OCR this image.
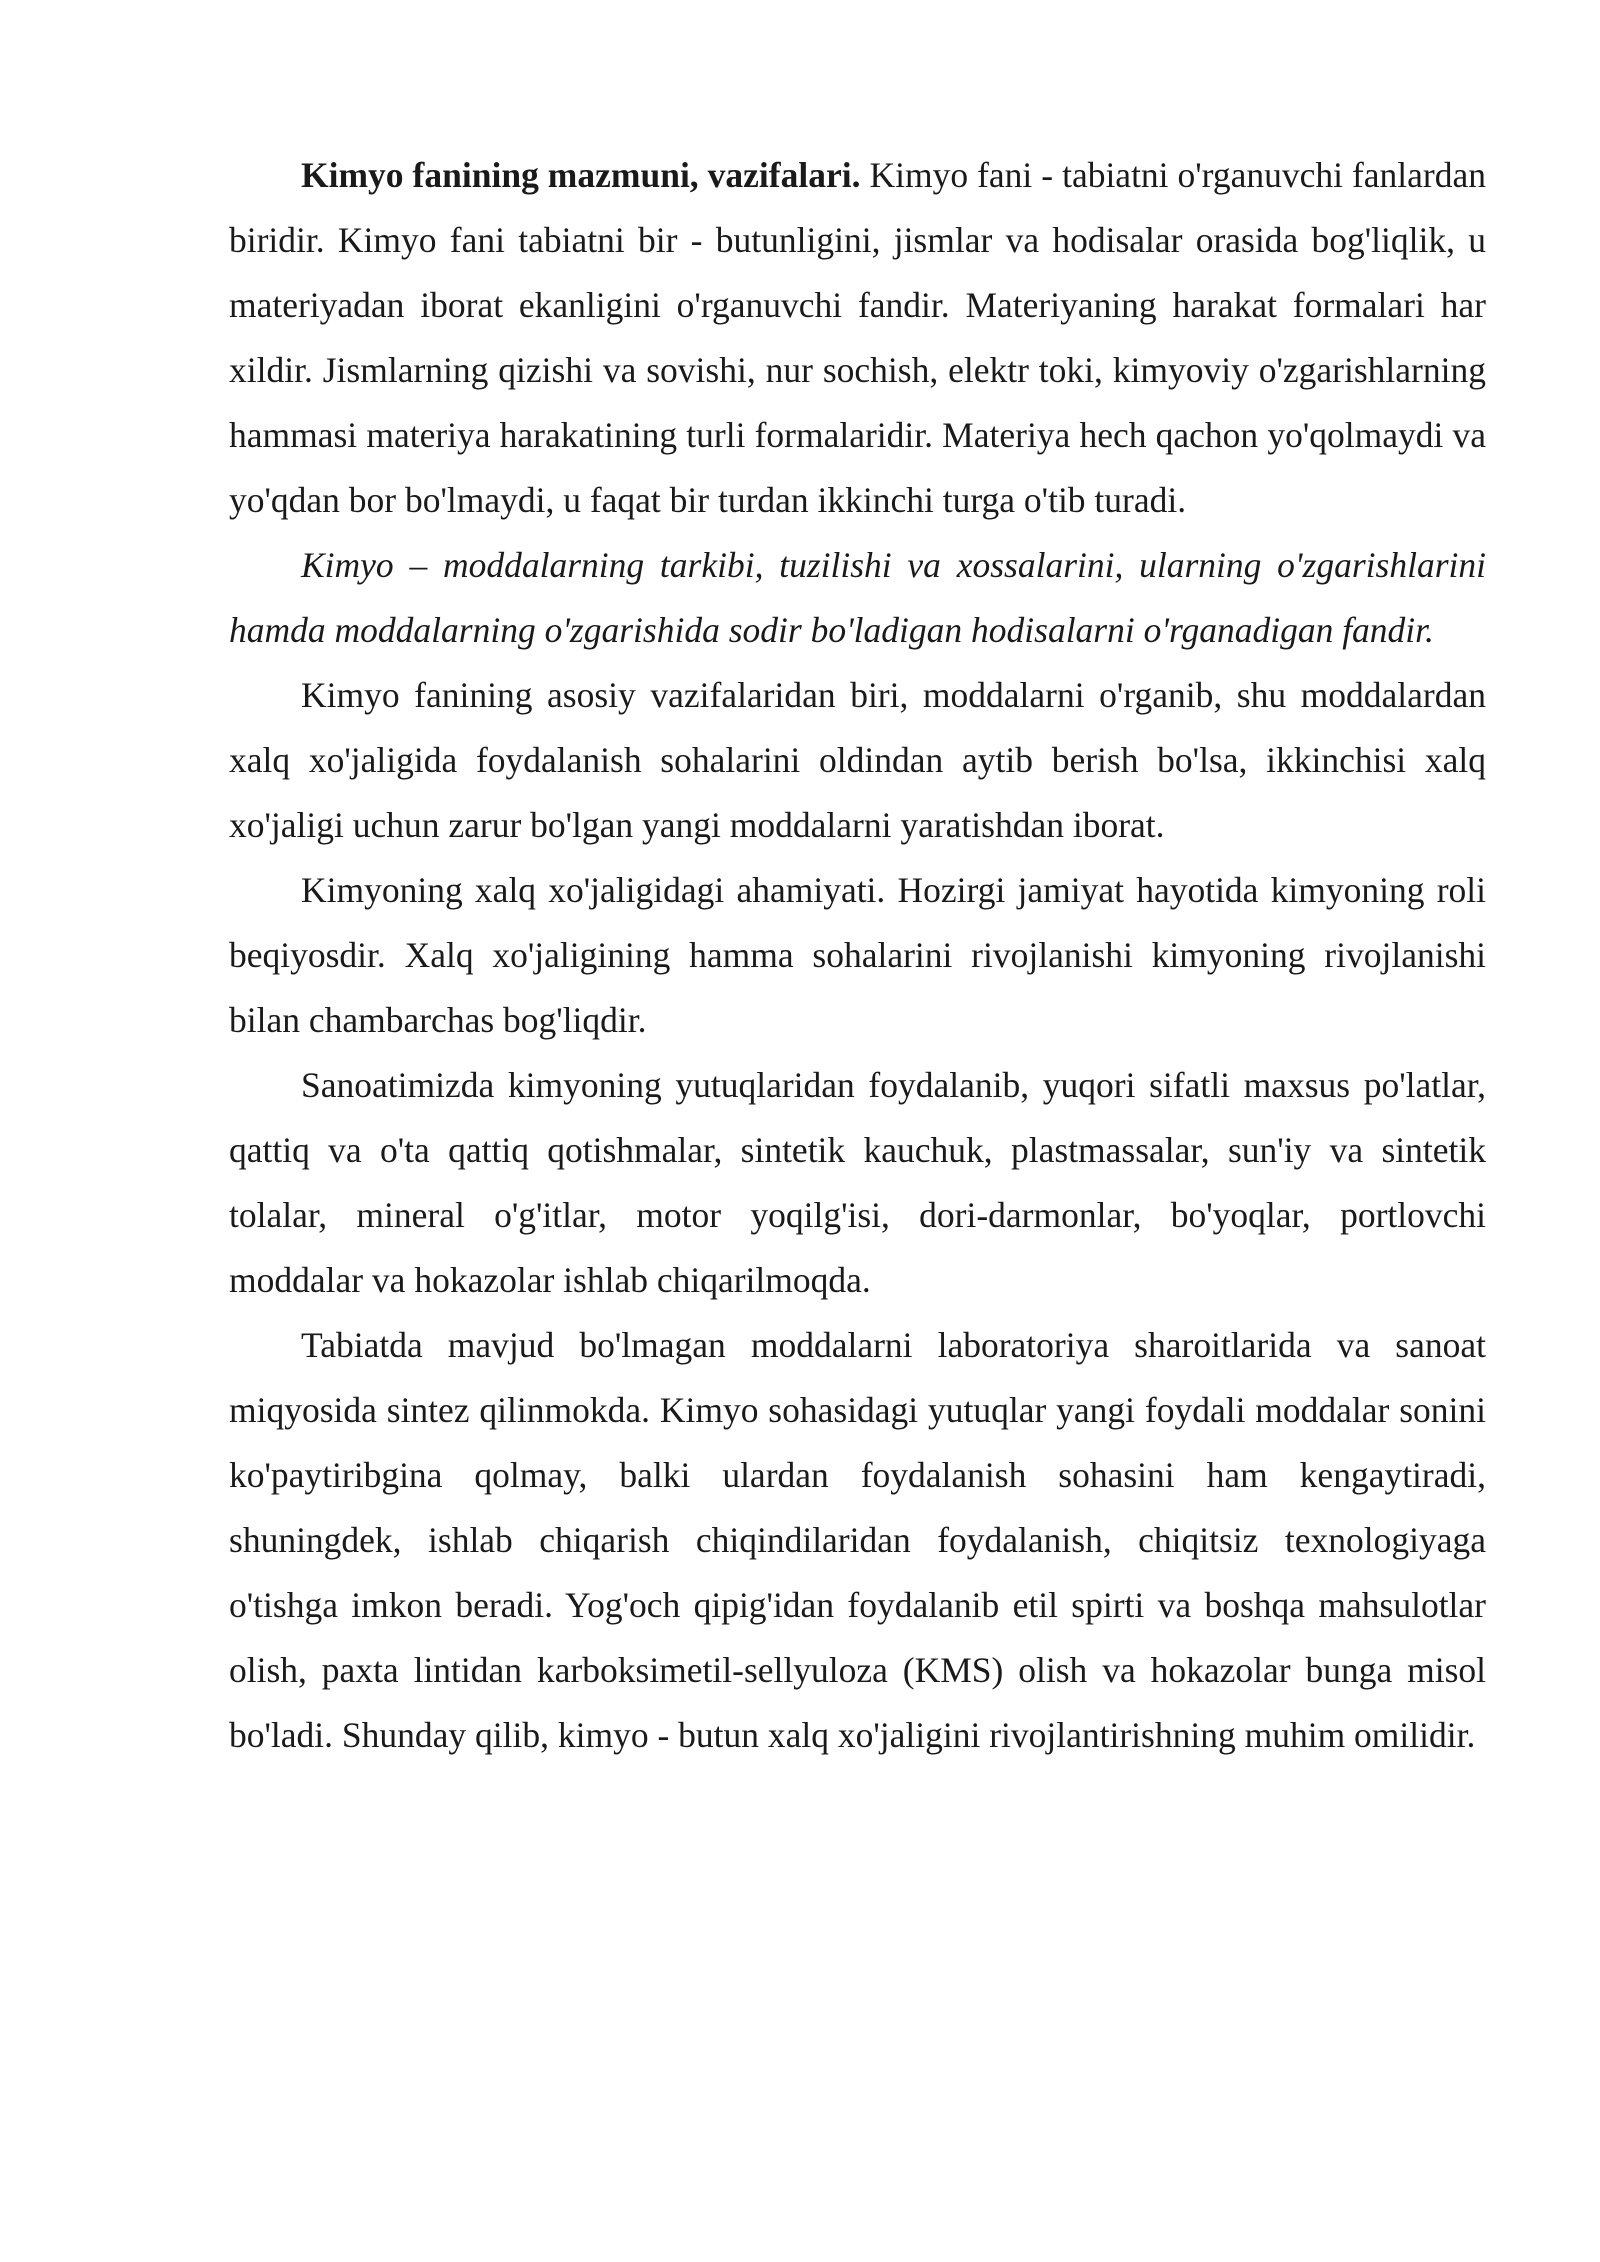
Kimyo fanining mazmuni, vazifalari. Kimyo fani - tabiatni o'rganuvchi fanlardan biridir. Kimyo fani tabiatni bir - butunligini, jismlar va hodisalar orasida bog'liqlik, u materiyadan iborat ekanligini o'rganuvchi fandir. Materiyaning harakat formalari har xildir. Jismlarning qizishi va sovishi, nur sochish, elektr toki, kimyoviy o'zgarishlarning hammasi materiya harakatining turli formalaridir. Materiya hech qachon yo'qolmaydi va yo'qdan bor bo'lmaydi, u faqat bir turdan ikkinchi turga o'tib turadi.

Kimyo – moddalarning tarkibi, tuzilishi va xossalarini, ularning o'zgarishlarini hamda moddalarning o'zgarishida sodir bo'ladigan hodisalarni o'rganadigan fandir.

Kimyo fanining asosiy vazifalaridan biri, moddalarni o'rganib, shu moddalardan xalq xo'jaligida foydalanish sohalarini oldindan aytib berish bo'lsa, ikkinchisi xalq xo'jaligi uchun zarur bo'lgan yangi moddalarni yaratishdan iborat.

Kimyoning xalq xo'jaligidagi ahamiyati. Hozirgi jamiyat hayotida kimyoning roli beqiyosdir. Xalq xo'jaligining hamma sohalarini rivojlanishi kimyoning rivojlanishi bilan chambarchas bog'liqdir.

Sanoatimizda kimyoning yutuqlaridan foydalanib, yuqori sifatli maxsus po'latlar, qattiq va o'ta qattiq qotishmalar, sintetik kauchuk, plastmassalar, sun'iy va sintetik tolalar, mineral o'g'itlar, motor yoqilg'isi, dori-darmonlar, bo'yoqlar, portlovchi moddalar va hokazolar ishlab chiqarilmoqda.

Tabiatda mavjud bo'lmagan moddalarni laboratoriya sharoitlarida va sanoat miqyosida sintez qilinmokda. Kimyo sohasidagi yutuqlar yangi foydali moddalar sonini ko'paytiribgina qolmay, balki ulardan foydalanish sohasini ham kengaytiradi, shuningdek, ishlab chiqarish chiqindilaridan foydalanish, chiqitsiz texnologiyaga o'tishga imkon beradi. Yog'och qipig'idan foydalanib etil spirti va boshqa mahsulotlar olish, paxta lintidan karboksimetil-sellyuloza (KMS) olish va hokazolar bunga misol bo'ladi. Shunday qilib, kimyo - butun xalq xo'jaligini rivojlantirishning muhim omilidir.
